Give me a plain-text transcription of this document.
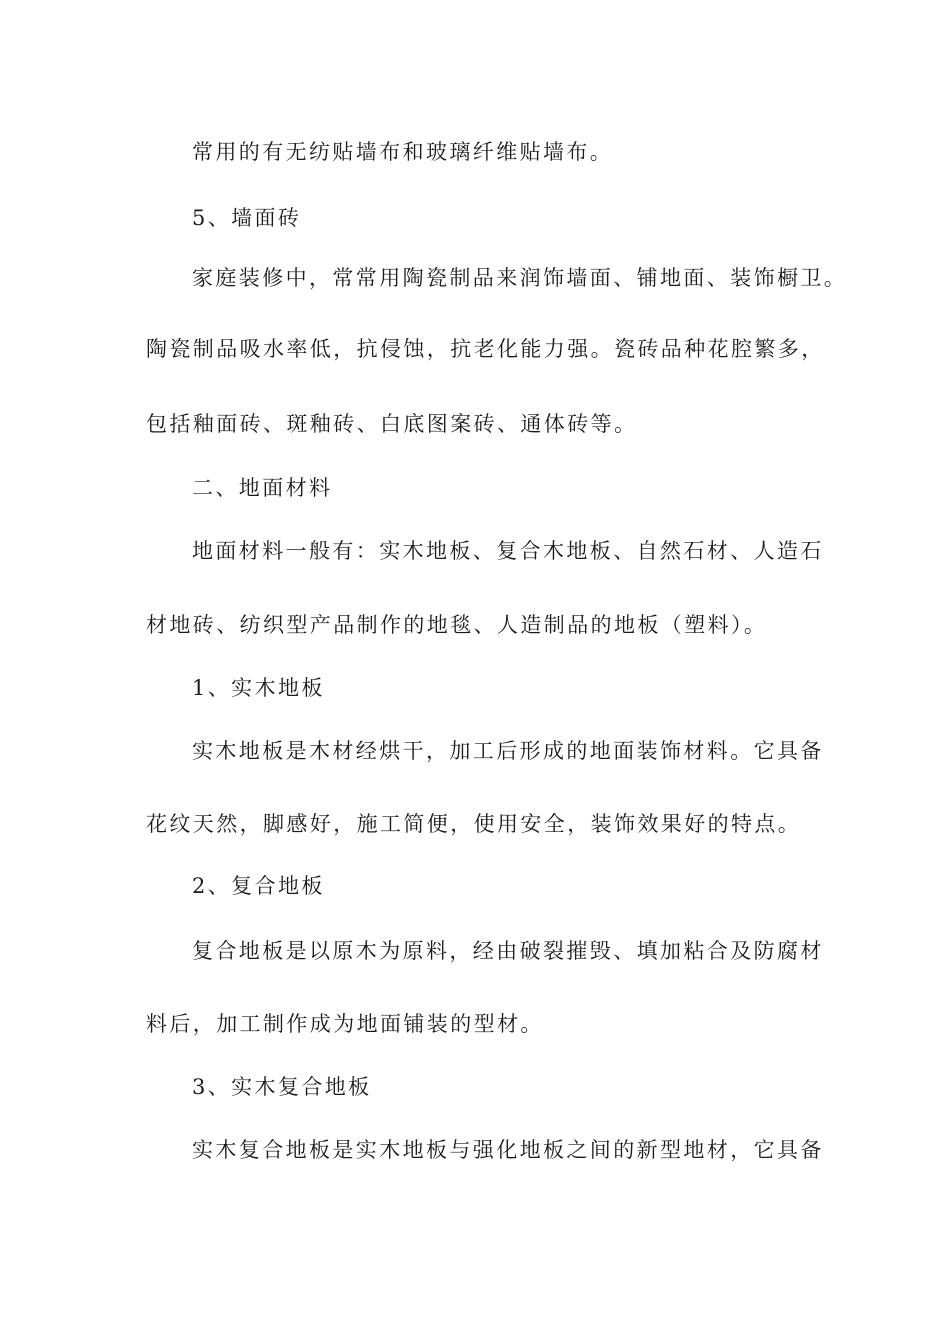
常用的有无纺贴墙布和玻璃纤维贴墙布。
5、墙面砖
家庭装修中，常常用陶瓷制品来润饰墙面、铺地面、装饰橱卫。
陶瓷制品吸水率低，抗侵蚀，抗老化能力强。瓷砖品种花腔繁多，
包括釉面砖、斑釉砖、白底图案砖、通体砖等。
二、地面材料
地面材料一般有：实木地板、复合木地板、自然石材、人造石
材地砖、纺织型产品制作的地毯、人造制品的地板（塑料）。
1、实木地板
实木地板是木材经烘干，加工后形成的地面装饰材料。它具备
花纹天然，脚感好，施工简便，使用安全，装饰效果好的特点。
2、复合地板
复合地板是以原木为原料，经由破裂摧毁、填加粘合及防腐材
料后，加工制作成为地面铺装的型材。
3、实木复合地板
实木复合地板是实木地板与强化地板之间的新型地材，它具备
